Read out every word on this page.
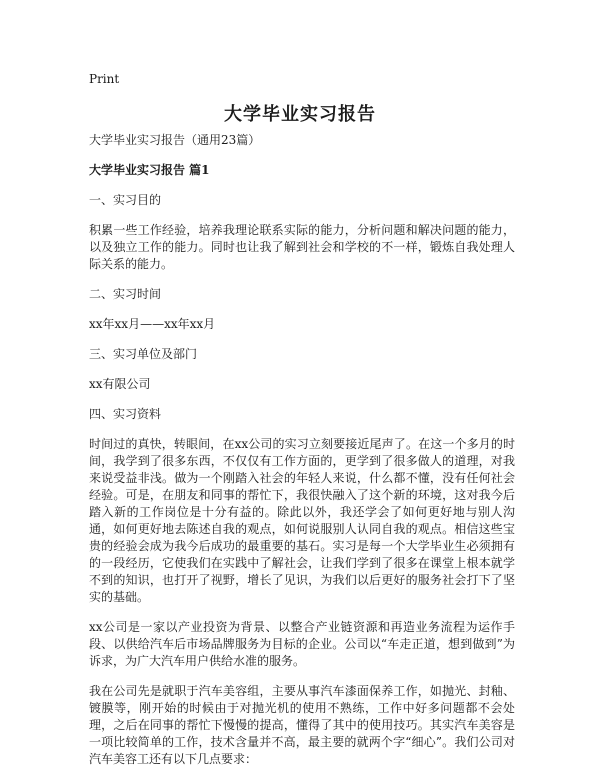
Print
大学毕业实习报告

大学毕业实习报告（通用23篇）

大学毕业实习报告 篇1

一、实习目的

积累一些工作经验，培养我理论联系实际的能力，分析问题和解决问题的能力，以及独立工作的能力。同时也让我了解到社会和学校的不一样，锻炼自我处理人际关系的能力。

二、实习时间

xx年xx月——xx年xx月

三、实习单位及部门

xx有限公司

四、实习资料

时间过的真快，转眼间，在xx公司的实习立刻要接近尾声了。在这一个多月的时间，我学到了很多东西，不仅仅有工作方面的，更学到了很多做人的道理，对我来说受益非浅。做为一个刚踏入社会的年轻人来说，什么都不懂，没有任何社会经验。可是，在朋友和同事的帮忙下，我很快融入了这个新的环境，这对我今后踏入新的工作岗位是十分有益的。除此以外，我还学会了如何更好地与别人沟通，如何更好地去陈述自我的观点，如何说服别人认同自我的观点。相信这些宝贵的经验会成为我今后成功的最重要的基石。实习是每一个大学毕业生必须拥有的一段经历，它使我们在实践中了解社会，让我们学到了很多在课堂上根本就学不到的知识，也打开了视野，增长了见识，为我们以后更好的服务社会打下了坚实的基础。

xx公司是一家以产业投资为背景、以整合产业链资源和再造业务流程为运作手段、以供给汽车后市场品牌服务为目标的企业。公司以“车走正道，想到做到”为诉求，为广大汽车用户供给水准的服务。

我在公司先是就职于汽车美容组，主要从事汽车漆面保养工作，如抛光、封釉、镀膜等，刚开始的时候由于对抛光机的使用不熟练，工作中好多问题都不会处理，之后在同事的帮忙下慢慢的提高，懂得了其中的使用技巧。其实汽车美容是一项比较简单的工作，技术含量并不高，最主要的就两个字“细心”。我们公司对汽车美容工还有以下几点要求：
